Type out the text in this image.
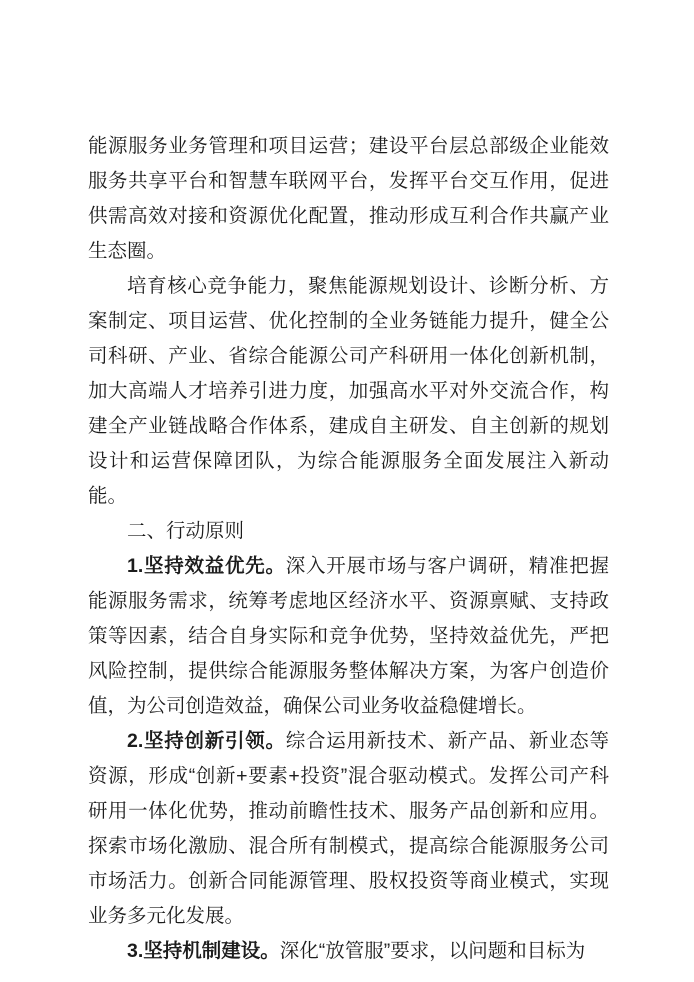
能源服务业务管理和项目运营；建设平台层总部级企业能效服务共享平台和智慧车联网平台，发挥平台交互作用，促进供需高效对接和资源优化配置，推动形成互利合作共赢产业生态圈。

培育核心竞争能力，聚焦能源规划设计、诊断分析、方案制定、项目运营、优化控制的全业务链能力提升，健全公司科研、产业、省综合能源公司产科研用一体化创新机制，加大高端人才培养引进力度，加强高水平对外交流合作，构建全产业链战略合作体系，建成自主研发、自主创新的规划设计和运营保障团队，为综合能源服务全面发展注入新动能。

二、行动原则

1.坚持效益优先。深入开展市场与客户调研，精准把握能源服务需求，统筹考虑地区经济水平、资源禀赋、支持政策等因素，结合自身实际和竞争优势，坚持效益优先，严把风险控制，提供综合能源服务整体解决方案，为客户创造价值，为公司创造效益，确保公司业务收益稳健增长。

2.坚持创新引领。综合运用新技术、新产品、新业态等资源，形成“创新+要素+投资”混合驱动模式。发挥公司产科研用一体化优势，推动前瞻性技术、服务产品创新和应用。探索市场化激励、混合所有制模式，提高综合能源服务公司市场活力。创新合同能源管理、股权投资等商业模式，实现业务多元化发展。

3.坚持机制建设。深化“放管服”要求，以问题和目标为
